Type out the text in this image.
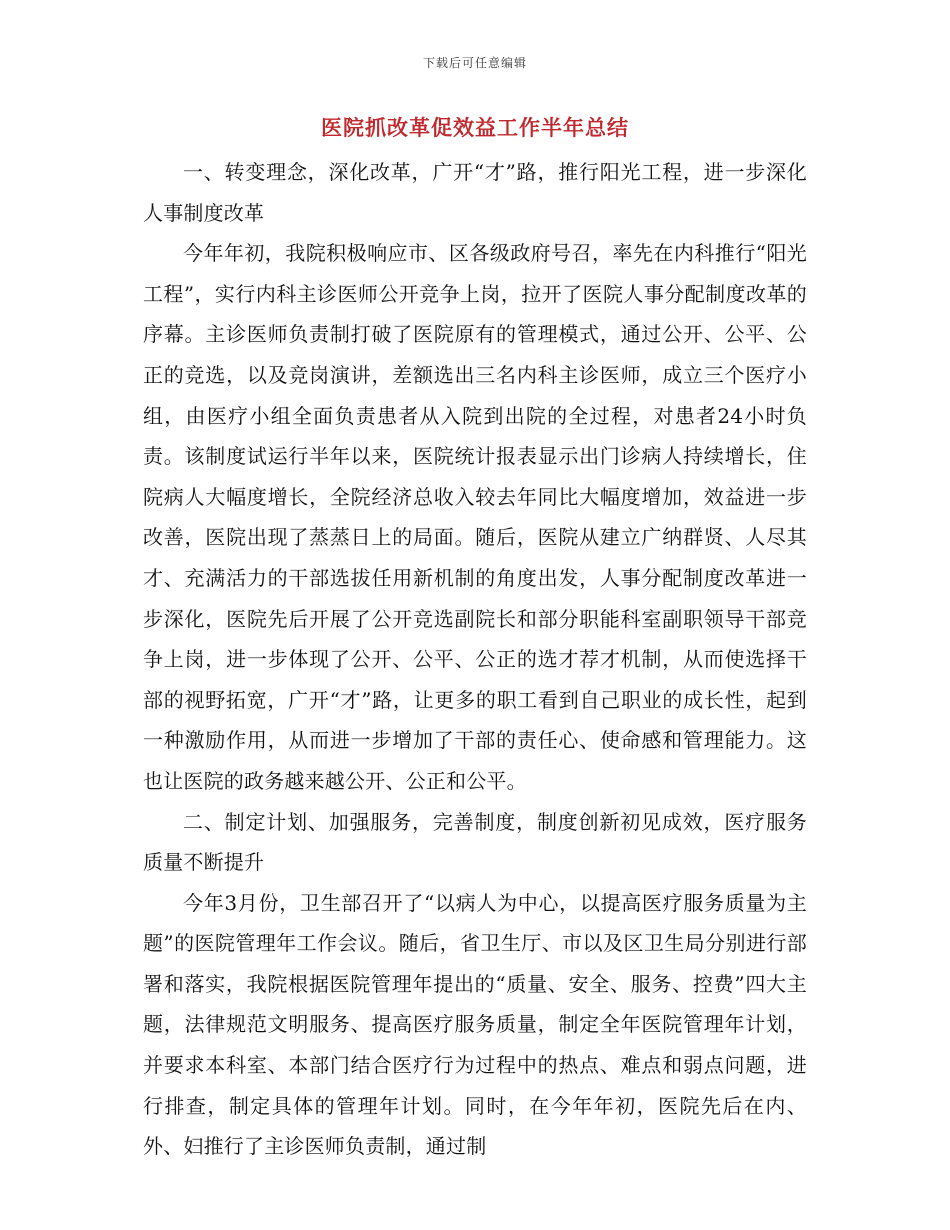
下载后可任意编辑
医院抓改革促效益工作半年总结

一、转变理念，深化改革，广开“才”路，推行阳光工程，进一步深化人事制度改革

今年年初，我院积极响应市、区各级政府号召，率先在内科推行“阳光工程”，实行内科主诊医师公开竞争上岗，拉开了医院人事分配制度改革的序幕。主诊医师负责制打破了医院原有的管理模式，通过公开、公平、公正的竞选，以及竞岗演讲，差额选出三名内科主诊医师，成立三个医疗小组，由医疗小组全面负责患者从入院到出院的全过程，对患者24小时负责。该制度试运行半年以来，医院统计报表显示出门诊病人持续增长，住院病人大幅度增长，全院经济总收入较去年同比大幅度增加，效益进一步改善，医院出现了蒸蒸日上的局面。随后，医院从建立广纳群贤、人尽其才、充满活力的干部选拔任用新机制的角度出发，人事分配制度改革进一步深化，医院先后开展了公开竞选副院长和部分职能科室副职领导干部竞争上岗，进一步体现了公开、公平、公正的选才荐才机制，从而使选择干部的视野拓宽，广开“才”路，让更多的职工看到自己职业的成长性，起到一种激励作用，从而进一步增加了干部的责任心、使命感和管理能力。这也让医院的政务越来越公开、公正和公平。

二、制定计划、加强服务，完善制度，制度创新初见成效，医疗服务质量不断提升

今年3月份，卫生部召开了“以病人为中心，以提高医疗服务质量为主题”的医院管理年工作会议。随后，省卫生厅、市以及区卫生局分别进行部署和落实，我院根据医院管理年提出的“质量、安全、服务、控费”四大主题，法律规范文明服务、提高医疗服务质量，制定全年医院管理年计划，并要求本科室、本部门结合医疗行为过程中的热点、难点和弱点问题，进行排查，制定具体的管理年计划。同时，在今年年初，医院先后在内、外、妇推行了主诊医师负责制，通过制
